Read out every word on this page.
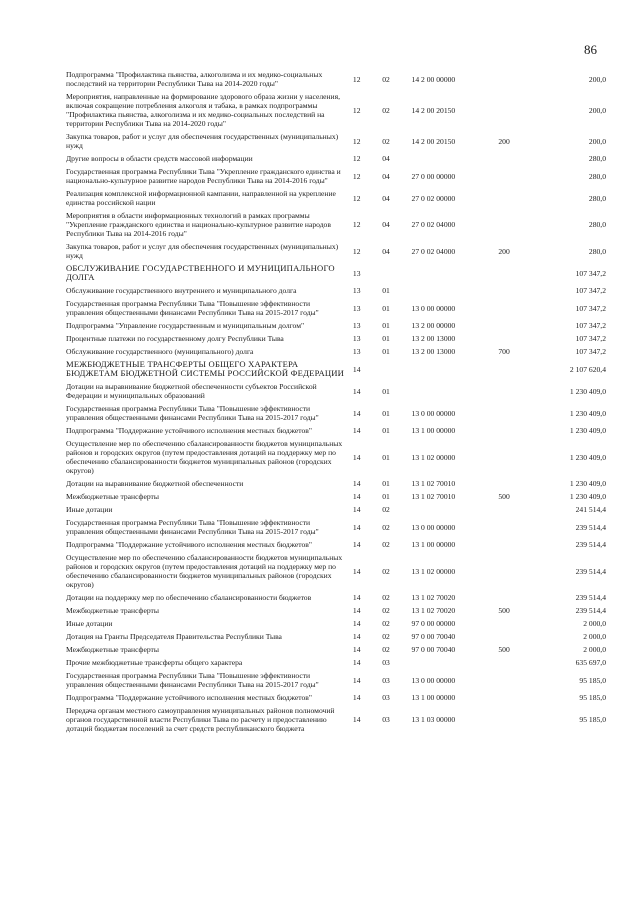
86
Подпрограмма "Профилактика пьянства, алкоголизма и их медико-социальных последствий на территории Республики Тыва на 2014-2020 годы"	12	02	14 2 00 00000		200,0
Мероприятия, направленные на формирование здорового образа жизни у населения, включая сокращение потребления алкоголя и табака, в рамках подпрограммы "Профилактика пьянства, алкоголизма и их медико-социальных последствий на территории Республики Тыва на 2014-2020 годы"	12	02	14 2 00 20150		200,0
Закупка товаров, работ и услуг для обеспечения государственных (муниципальных) нужд	12	02	14 2 00 20150	200	200,0
Другие вопросы в области средств массовой информации	12	04			280,0
Государственная программа Республики Тыва "Укрепление гражданского единства и национально-культурное развитие народов Республики Тыва на 2014-2016 годы"	12	04	27 0 00 00000		280,0
Реализация комплексной информационной кампании, направленной на укрепление единства российской нации	12	04	27 0 02 00000		280,0
Мероприятия в области информационных технологий в рамках программы "Укрепление гражданского единства и национально-культурное развитие народов Республики Тыва на 2014-2016 годы"	12	04	27 0 02 04000		280,0
Закупка товаров, работ и услуг для обеспечения государственных (муниципальных) нужд	12	04	27 0 02 04000	200	280,0
ОБСЛУЖИВАНИЕ ГОСУДАРСТВЕННОГО И МУНИЦИПАЛЬНОГО ДОЛГА	13				107 347,2
Обслуживание государственного внутреннего и муниципального долга	13	01			107 347,2
Государственная программа Республики Тыва "Повышение эффективности управления общественными финансами Республики Тыва на 2015-2017 годы"	13	01	13 0 00 00000		107 347,2
Подпрограмма "Управление государственным и муниципальным долгом"	13	01	13 2 00 00000		107 347,2
Процентные платежи по государственному долгу Республики Тыва	13	01	13 2 00 13000		107 347,2
Обслуживание государственного (муниципального) долга	13	01	13 2 00 13000	700	107 347,2
МЕЖБЮДЖЕТНЫЕ ТРАНСФЕРТЫ ОБЩЕГО ХАРАКТЕРА БЮДЖЕТАМ БЮДЖЕТНОЙ СИСТЕМЫ РОССИЙСКОЙ ФЕДЕРАЦИИ	14				2 107 620,4
Дотации на выравнивание бюджетной обеспеченности субъектов Российской Федерации и муниципальных образований	14	01			1 230 409,0
Государственная программа Республики Тыва "Повышение эффективности управления общественными финансами Республики Тыва на 2015-2017 годы"	14	01	13 0 00 00000		1 230 409,0
Подпрограмма "Поддержание устойчивого исполнения местных бюджетов"	14	01	13 1 00 00000		1 230 409,0
Осуществление мер по обеспечению сбалансированности бюджетов муниципальных районов и городских округов (путем предоставления дотаций на поддержку мер по обеспечению сбалансированности бюджетов муниципальных районов (городских округов)	14	01	13 1 02 00000		1 230 409,0
Дотации на выравнивание бюджетной обеспеченности	14	01	13 1 02 70010		1 230 409,0
Межбюджетные трансферты	14	01	13 1 02 70010	500	1 230 409,0
Иные дотации	14	02			241 514,4
Государственная программа Республики Тыва "Повышение эффективности управления общественными финансами Республики Тыва на 2015-2017 годы"	14	02	13 0 00 00000		239 514,4
Подпрограмма "Поддержание устойчивого исполнения местных бюджетов"	14	02	13 1 00 00000		239 514,4
Осуществление мер по обеспечению сбалансированности бюджетов муниципальных районов и городских округов (путем предоставления дотаций на поддержку мер по обеспечению сбалансированности бюджетов муниципальных районов (городских округов)	14	02	13 1 02 00000		239 514,4
Дотации на поддержку мер по обеспечению сбалансированности бюджетов	14	02	13 1 02 70020		239 514,4
Межбюджетные трансферты	14	02	13 1 02 70020	500	239 514,4
Иные дотации	14	02	97 0 00 00000		2 000,0
Дотация на Гранты Председателя Правительства Республики Тыва	14	02	97 0 00 70040		2 000,0
Межбюджетные трансферты	14	02	97 0 00 70040	500	2 000,0
Прочие межбюджетные трансферты общего характера	14	03			635 697,0
Государственная программа Республики Тыва "Повышение эффективности управления общественными финансами Республики Тыва на 2015-2017 годы"	14	03	13 0 00 00000		95 185,0
Подпрограмма "Поддержание устойчивого исполнения местных бюджетов"	14	03	13 1 00 00000		95 185,0
Передача органам местного самоуправления муниципальных районов полномочий органов государственной власти Республики Тыва по расчету и предоставлению дотаций бюджетам поселений за счет средств республиканского бюджета	14	03	13 1 03 00000		95 185,0
